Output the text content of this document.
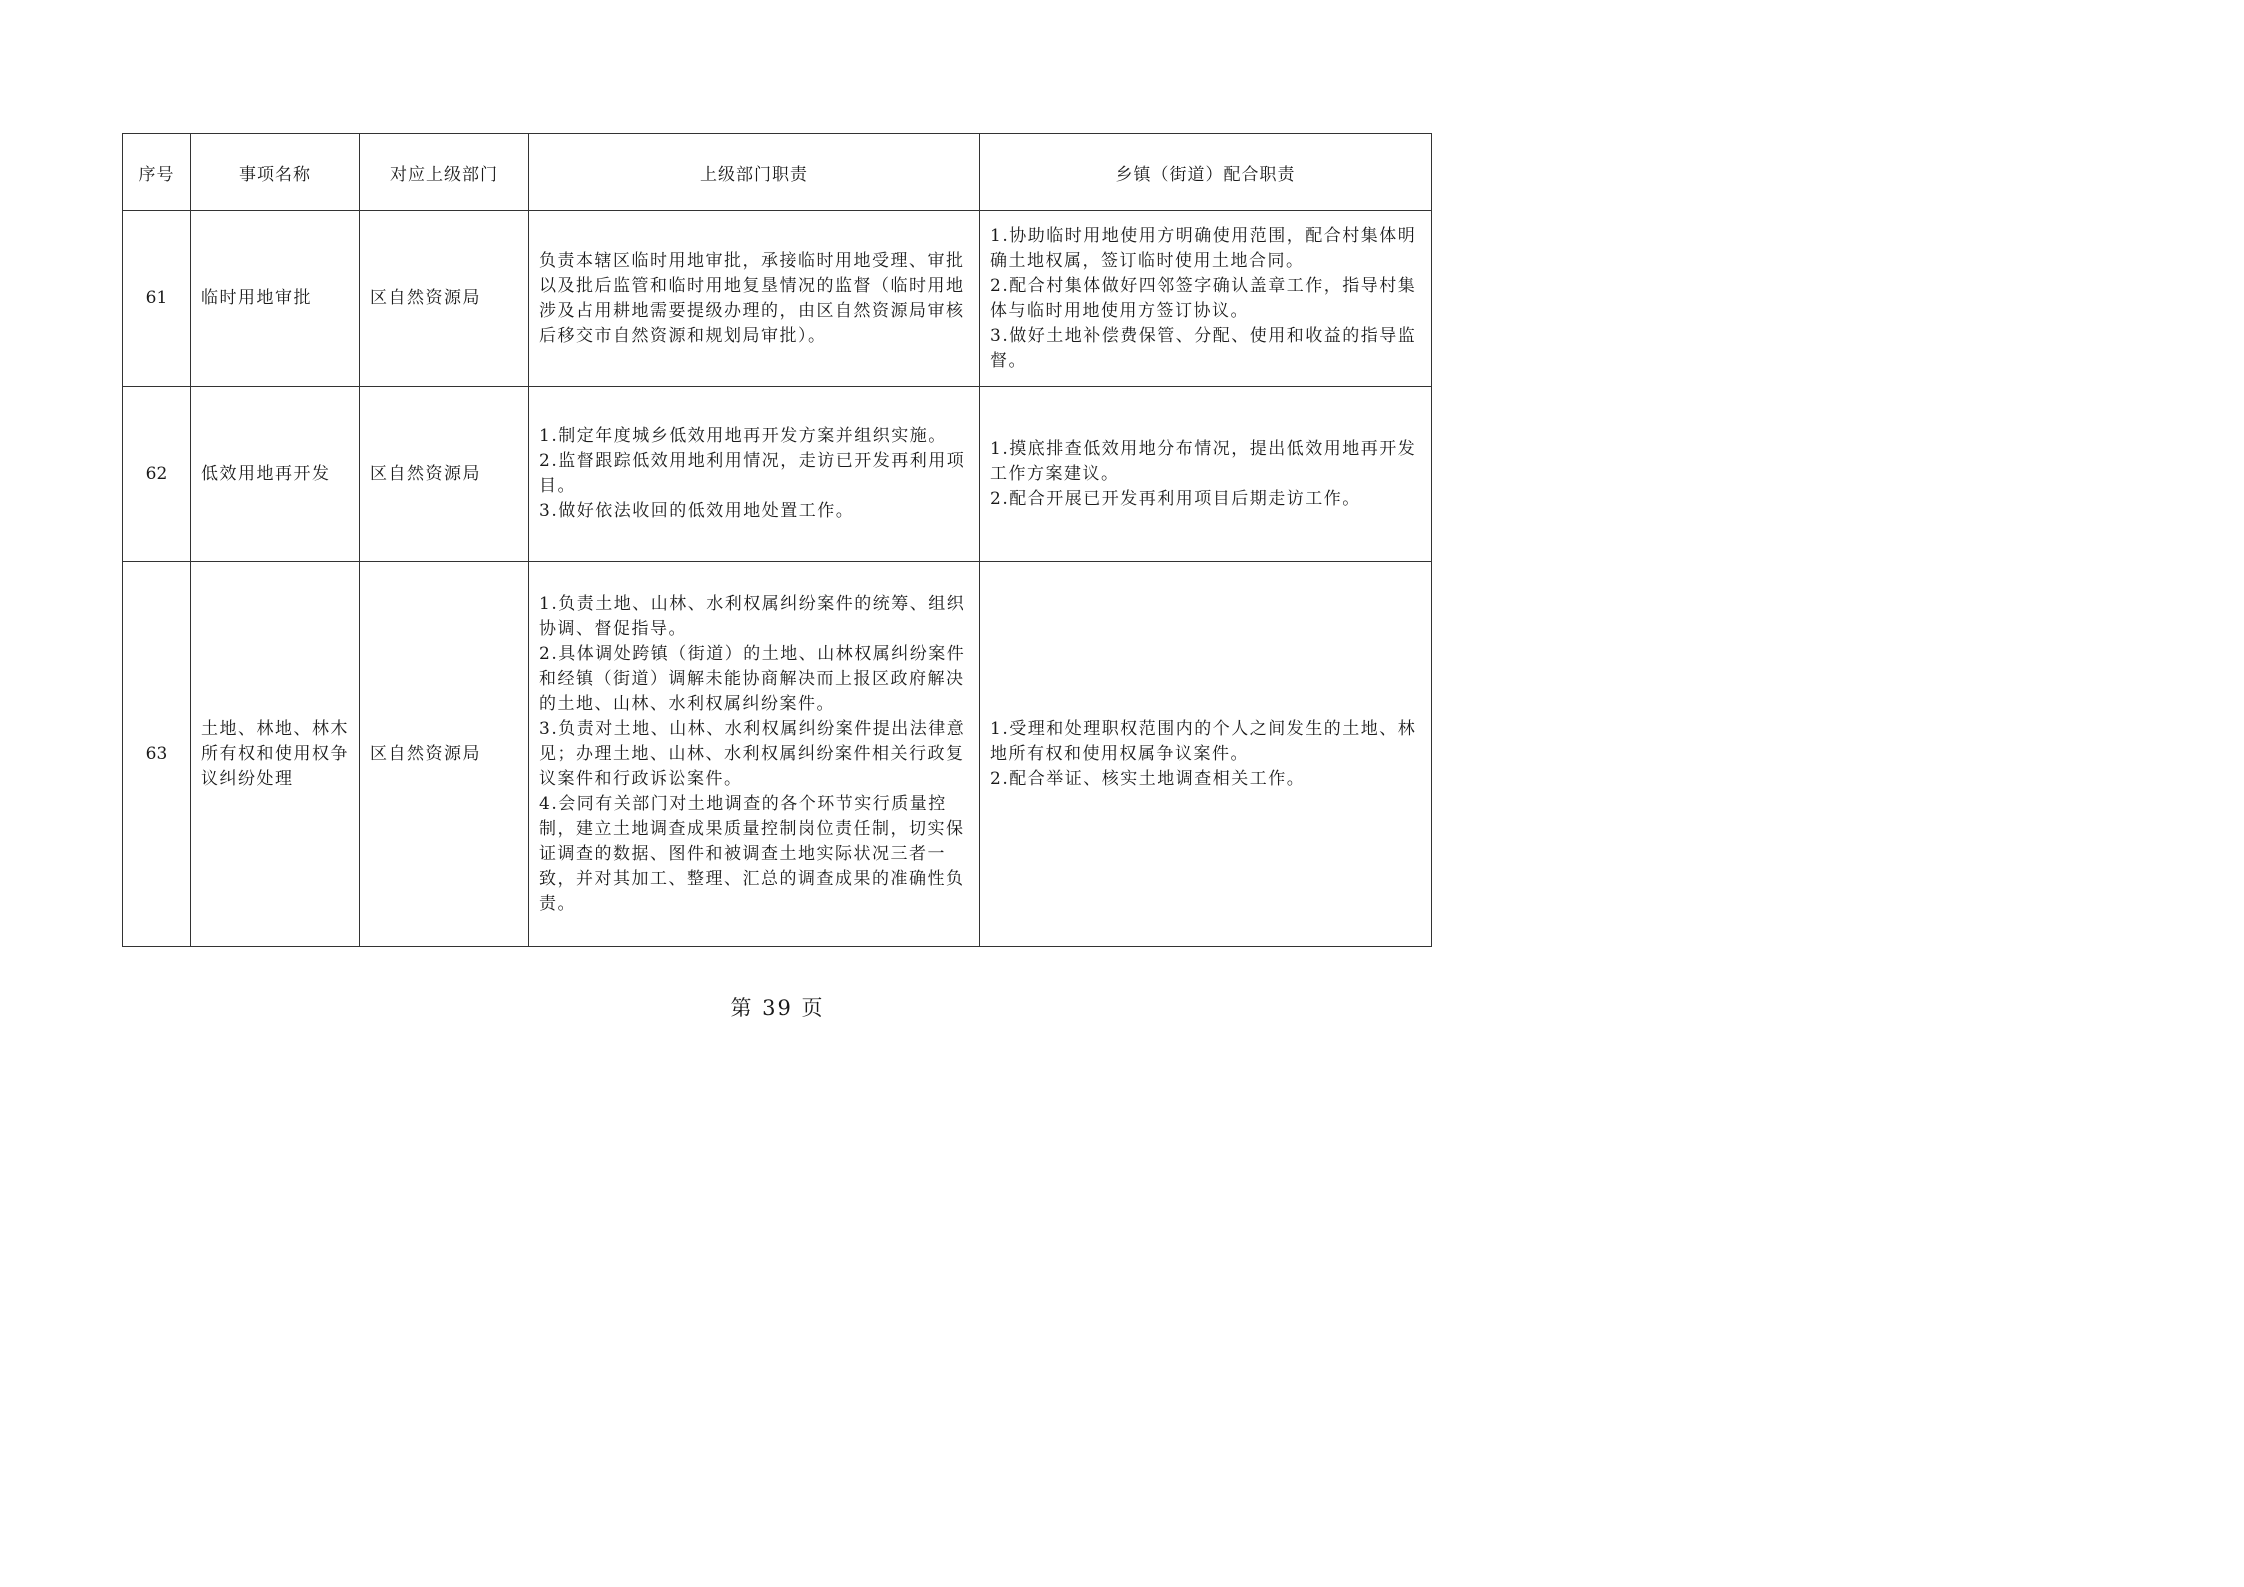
序号	事项名称	对应上级部门	上级部门职责	乡镇（街道）配合职责
61	临时用地审批	区自然资源局	负责本辖区临时用地审批，承接临时用地受理、审批以及批后监管和临时用地复垦情况的监督（临时用地涉及占用耕地需要提级办理的，由区自然资源局审核后移交市自然资源和规划局审批）。	1.协助临时用地使用方明确使用范围，配合村集体明确土地权属，签订临时使用土地合同。
2.配合村集体做好四邻签字确认盖章工作，指导村集体与临时用地使用方签订协议。
3.做好土地补偿费保管、分配、使用和收益的指导监督。

62	低效用地再开发	区自然资源局	1.制定年度城乡低效用地再开发方案并组织实施。
2.监督跟踪低效用地利用情况，走访已开发再利用项目。
3.做好依法收回的低效用地处置工作。	1.摸底排查低效用地分布情况，提出低效用地再开发工作方案建议。
2.配合开展已开发再利用项目后期走访工作。

63	土地、林地、林木所有权和使用权争议纠纷处理	区自然资源局	1.负责土地、山林、水利权属纠纷案件的统筹、组织协调、督促指导。
2.具体调处跨镇（街道）的土地、山林权属纠纷案件和经镇（街道）调解未能协商解决而上报区政府解决的土地、山林、水利权属纠纷案件。
3.负责对土地、山林、水利权属纠纷案件提出法律意见；办理土地、山林、水利权属纠纷案件相关行政复议案件和行政诉讼案件。
4.会同有关部门对土地调查的各个环节实行质量控制，建立土地调查成果质量控制岗位责任制，切实保证调查的数据、图件和被调查土地实际状况三者一致，并对其加工、整理、汇总的调查成果的准确性负责。	1.受理和处理职权范围内的个人之间发生的土地、林地所有权和使用权属争议案件。
2.配合举证、核实土地调查相关工作。
第 39 页
